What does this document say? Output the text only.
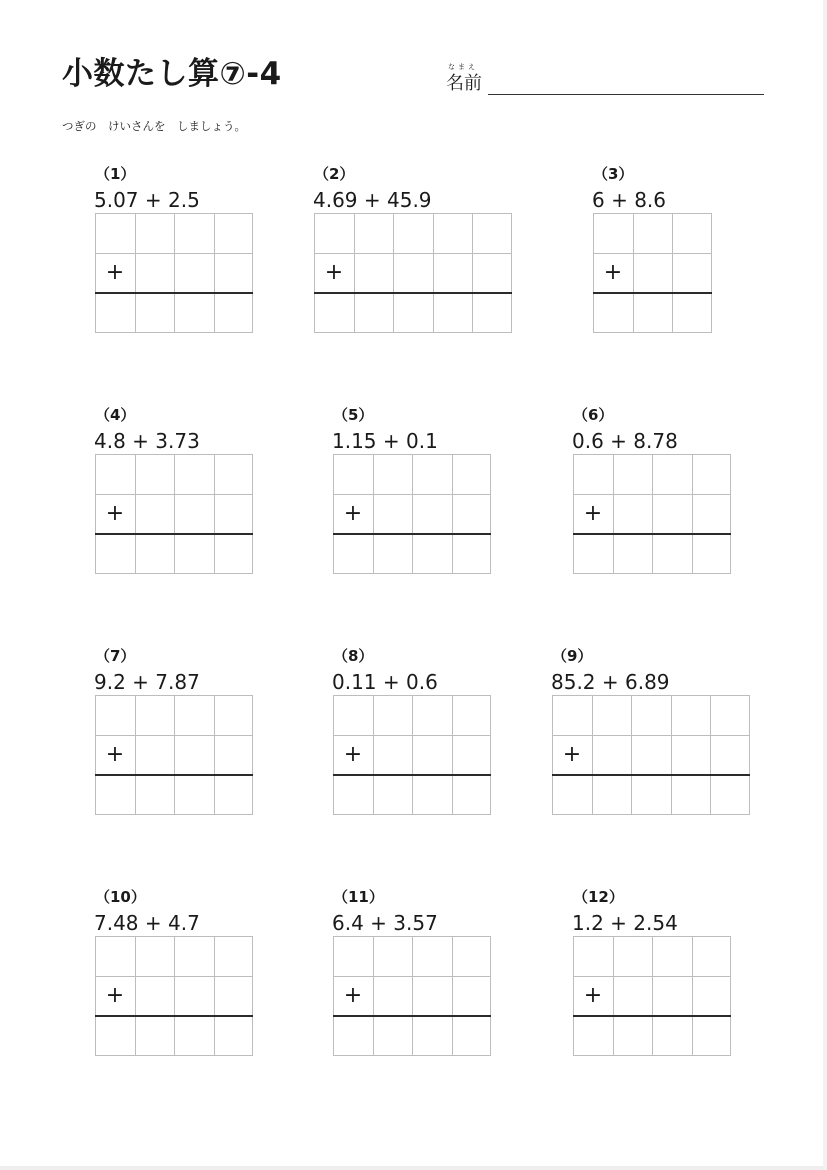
小数たし算⑦-4	なまえ
名前
つぎの　けいさんを　しましょう。
（1）
5.07 + 2.5
+
（2）
4.69 + 45.9
+
（3）
6 + 8.6
+
（4）
4.8 + 3.73
+
（5）
1.15 + 0.1
+
（6）
0.6 + 8.78
+
（7）
9.2 + 7.87
+
（8）
0.11 + 0.6
+
（9）
85.2 + 6.89
+
（10）
7.48 + 4.7
+
（11）
6.4 + 3.57
+
（12）
1.2 + 2.54
+
